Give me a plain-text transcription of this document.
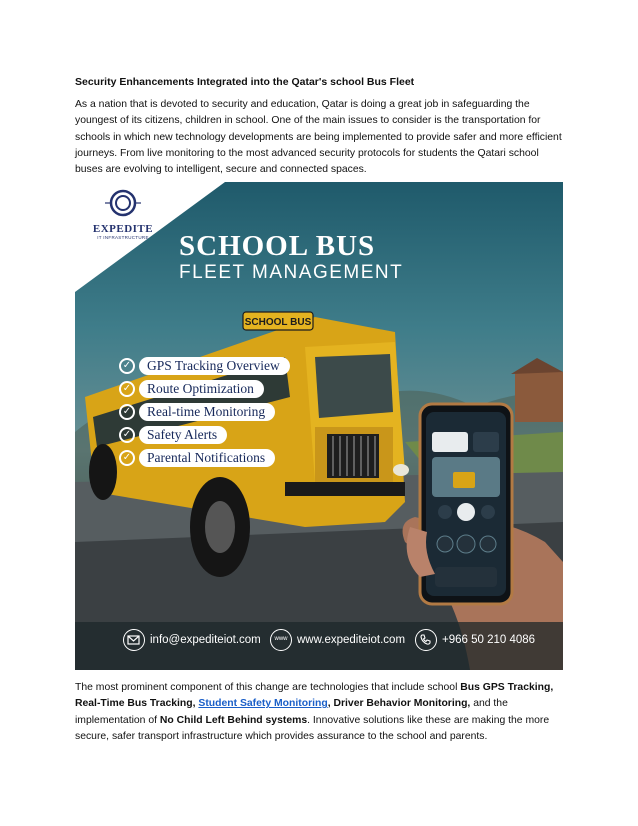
Security Enhancements Integrated into the Qatar's school Bus Fleet

As a nation that is devoted to security and education, Qatar is doing a great job in safeguarding the youngest of its citizens, children in school. One of the main issues to consider is the transportation for schools in which new technology developments are being implemented to provide safer and more efficient journeys. From live monitoring to the most advanced security protocols for students the Qatari school buses are evolving to intelligent, secure and connected spaces.

SCHOOL BUS
EXPEDITE
IT INFRASTRUCTURE	SCHOOL BUS
FLEET MANAGEMENT
✓	GPS Tracking Overview
✓	Route Optimization
✓	Real-time Monitoring
✓	Safety Alerts
✓	Parental Notifications
info@expediteiot.com	www www.expediteiot.com	+966 50 210 4086

The most prominent component of this change are technologies that include school Bus GPS Tracking, Real-Time Bus Tracking, Student Safety Monitoring, Driver Behavior Monitoring, and the implementation of No Child Left Behind systems. Innovative solutions like these are making the more secure, safer transport infrastructure which provides assurance to the school and parents.
